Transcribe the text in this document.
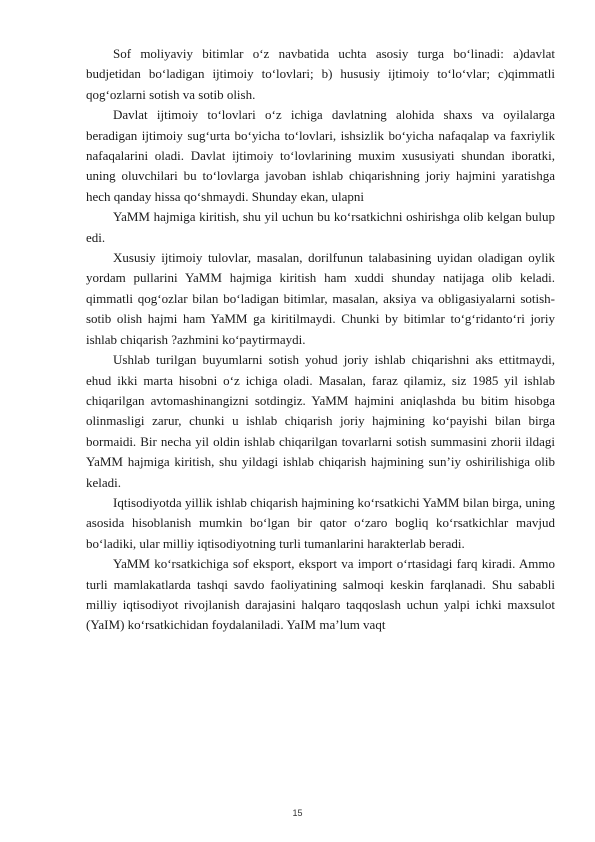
Sof moliyaviy bitimlar o‘z navbatida uchta asosiy turga bo‘linadi: a)davlat budjetidan bo‘ladigan ijtimoiy to‘lovlari; b) hususiy ijtimoiy to‘lo‘vlar; c)qimmatli qog‘ozlarni sotish va sotib olish.

Davlat ijtimoiy to‘lovlari o‘z ichiga davlatning alohida shaxs va oyilalarga beradigan ijtimoiy sug‘urta bo‘yicha to‘lovlari, ishsizlik bo‘yicha nafaqalap va faxriylik nafaqalarini oladi. Davlat ijtimoiy to‘lovlarining muxim xususiyati shundan iboratki, uning oluvchilari bu to‘lovlarga javoban ishlab chiqarishning joriy hajmini yaratishga hech qanday hissa qo‘shmaydi. Shunday ekan, ulapni

YaMM hajmiga kiritish, shu yil uchun bu ko‘rsatkichni oshirishga olib kelgan bulup edi.

Xususiy ijtimoiy tulovlar, masalan, dorilfunun talabasining uyidan oladigan oylik yordam pullarini YaMM hajmiga kiritish ham xuddi shunday natijaga olib keladi. qimmatli qog‘ozlar bilan bo‘ladigan bitimlar, masalan, aksiya va obligasiyalarni sotish-sotib olish hajmi ham YaMM ga kiritilmaydi. Chunki by bitimlar to‘g‘ridanto‘ri joriy ishlab chiqarish ?azhmini ko‘paytirmaydi.

Ushlab turilgan buyumlarni sotish yohud joriy ishlab chiqarishni aks ettitmaydi, ehud ikki marta hisobni o‘z ichiga oladi. Masalan, faraz qilamiz, siz 1985 yil ishlab chiqarilgan avtomashinangizni sotdingiz. YaMM hajmini aniqlashda bu bitim hisobga olinmasligi zarur, chunki u ishlab chiqarish joriy hajmining ko‘payishi bilan birga bormaidi. Bir necha yil oldin ishlab chiqarilgan tovarlarni sotish summasini zhorii ildagi YaMM hajmiga kiritish, shu yildagi ishlab chiqarish hajmining sun’iy oshirilishiga olib keladi.

Iqtisodiyotda yillik ishlab chiqarish hajmining ko‘rsatkichi YaMM bilan birga, uning asosida hisoblanish mumkin bo‘lgan bir qator o‘zaro bogliq ko‘rsatkichlar mavjud bo‘ladiki, ular milliy iqtisodiyotning turli tumanlarini harakterlab beradi.

YaMM ko‘rsatkichiga sof eksport, eksport va import o‘rtasidagi farq kiradi. Ammo turli mamlakatlarda tashqi savdo faoliyatining salmoqi keskin farqlanadi. Shu sababli milliy iqtisodiyot rivojlanish darajasini halqaro taqqoslash uchun yalpi ichki maxsulot (YaIM) ko‘rsatkichidan foydalaniladi. YaIM ma’lum vaqt

15
